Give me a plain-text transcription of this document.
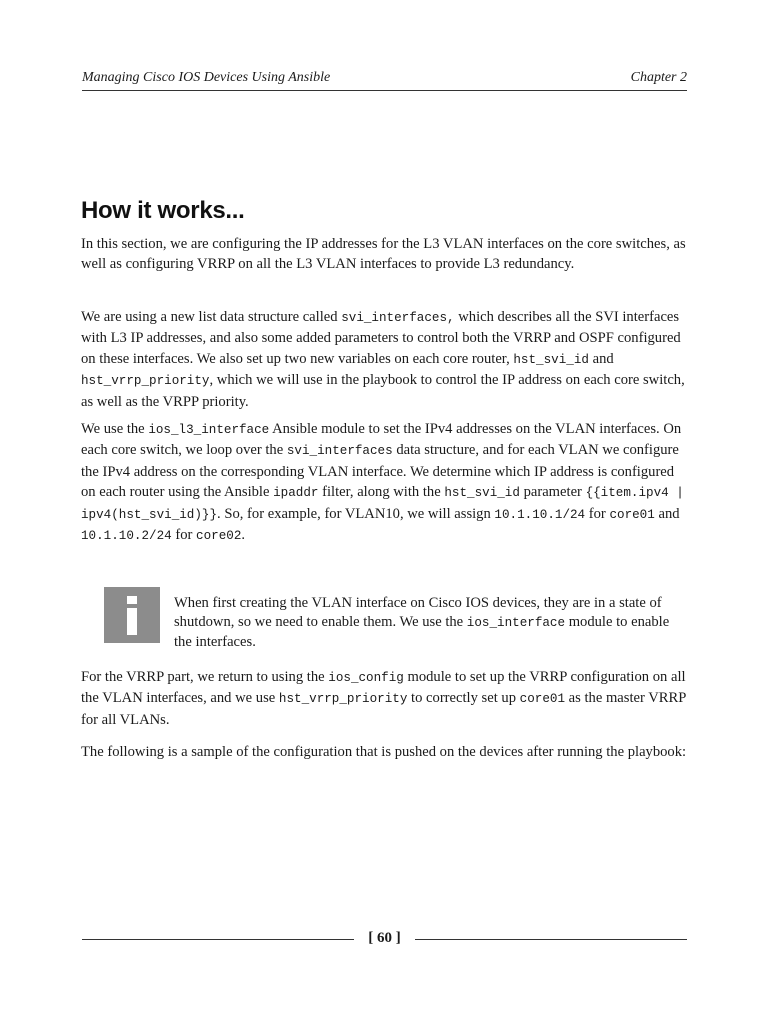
Managing Cisco IOS Devices Using Ansible	Chapter 2
How it works...

In this section, we are configuring the IP addresses for the L3 VLAN interfaces on the core switches, as well as configuring VRRP on all the L3 VLAN interfaces to provide L3 redundancy.

We are using a new list data structure called svi_interfaces, which describes all the SVI interfaces with L3 IP addresses, and also some added parameters to control both the VRRP and OSPF configured on these interfaces. We also set up two new variables on each core router, hst_svi_id and hst_vrrp_priority, which we will use in the playbook to control the IP address on each core switch, as well as the VRPP priority.

We use the ios_l3_interface Ansible module to set the IPv4 addresses on the VLAN interfaces. On each core switch, we loop over the svi_interfaces data structure, and for each VLAN we configure the IPv4 address on the corresponding VLAN interface. We determine which IP address is configured on each router using the Ansible ipaddr filter, along with the hst_svi_id parameter {{item.ipv4 | ipv4(hst_svi_id)}}. So, for example, for VLAN10, we will assign 10.1.10.1/24 for core01 and 10.1.10.2/24 for core02.

When first creating the VLAN interface on Cisco IOS devices, they are in a state of shutdown, so we need to enable them. We use the ios_interface module to enable the interfaces.

For the VRRP part, we return to using the ios_config module to set up the VRRP configuration on all the VLAN interfaces, and we use hst_vrrp_priority to correctly set up core01 as the master VRRP for all VLANs.

The following is a sample of the configuration that is pushed on the devices after running the playbook:

[ 60 ]
